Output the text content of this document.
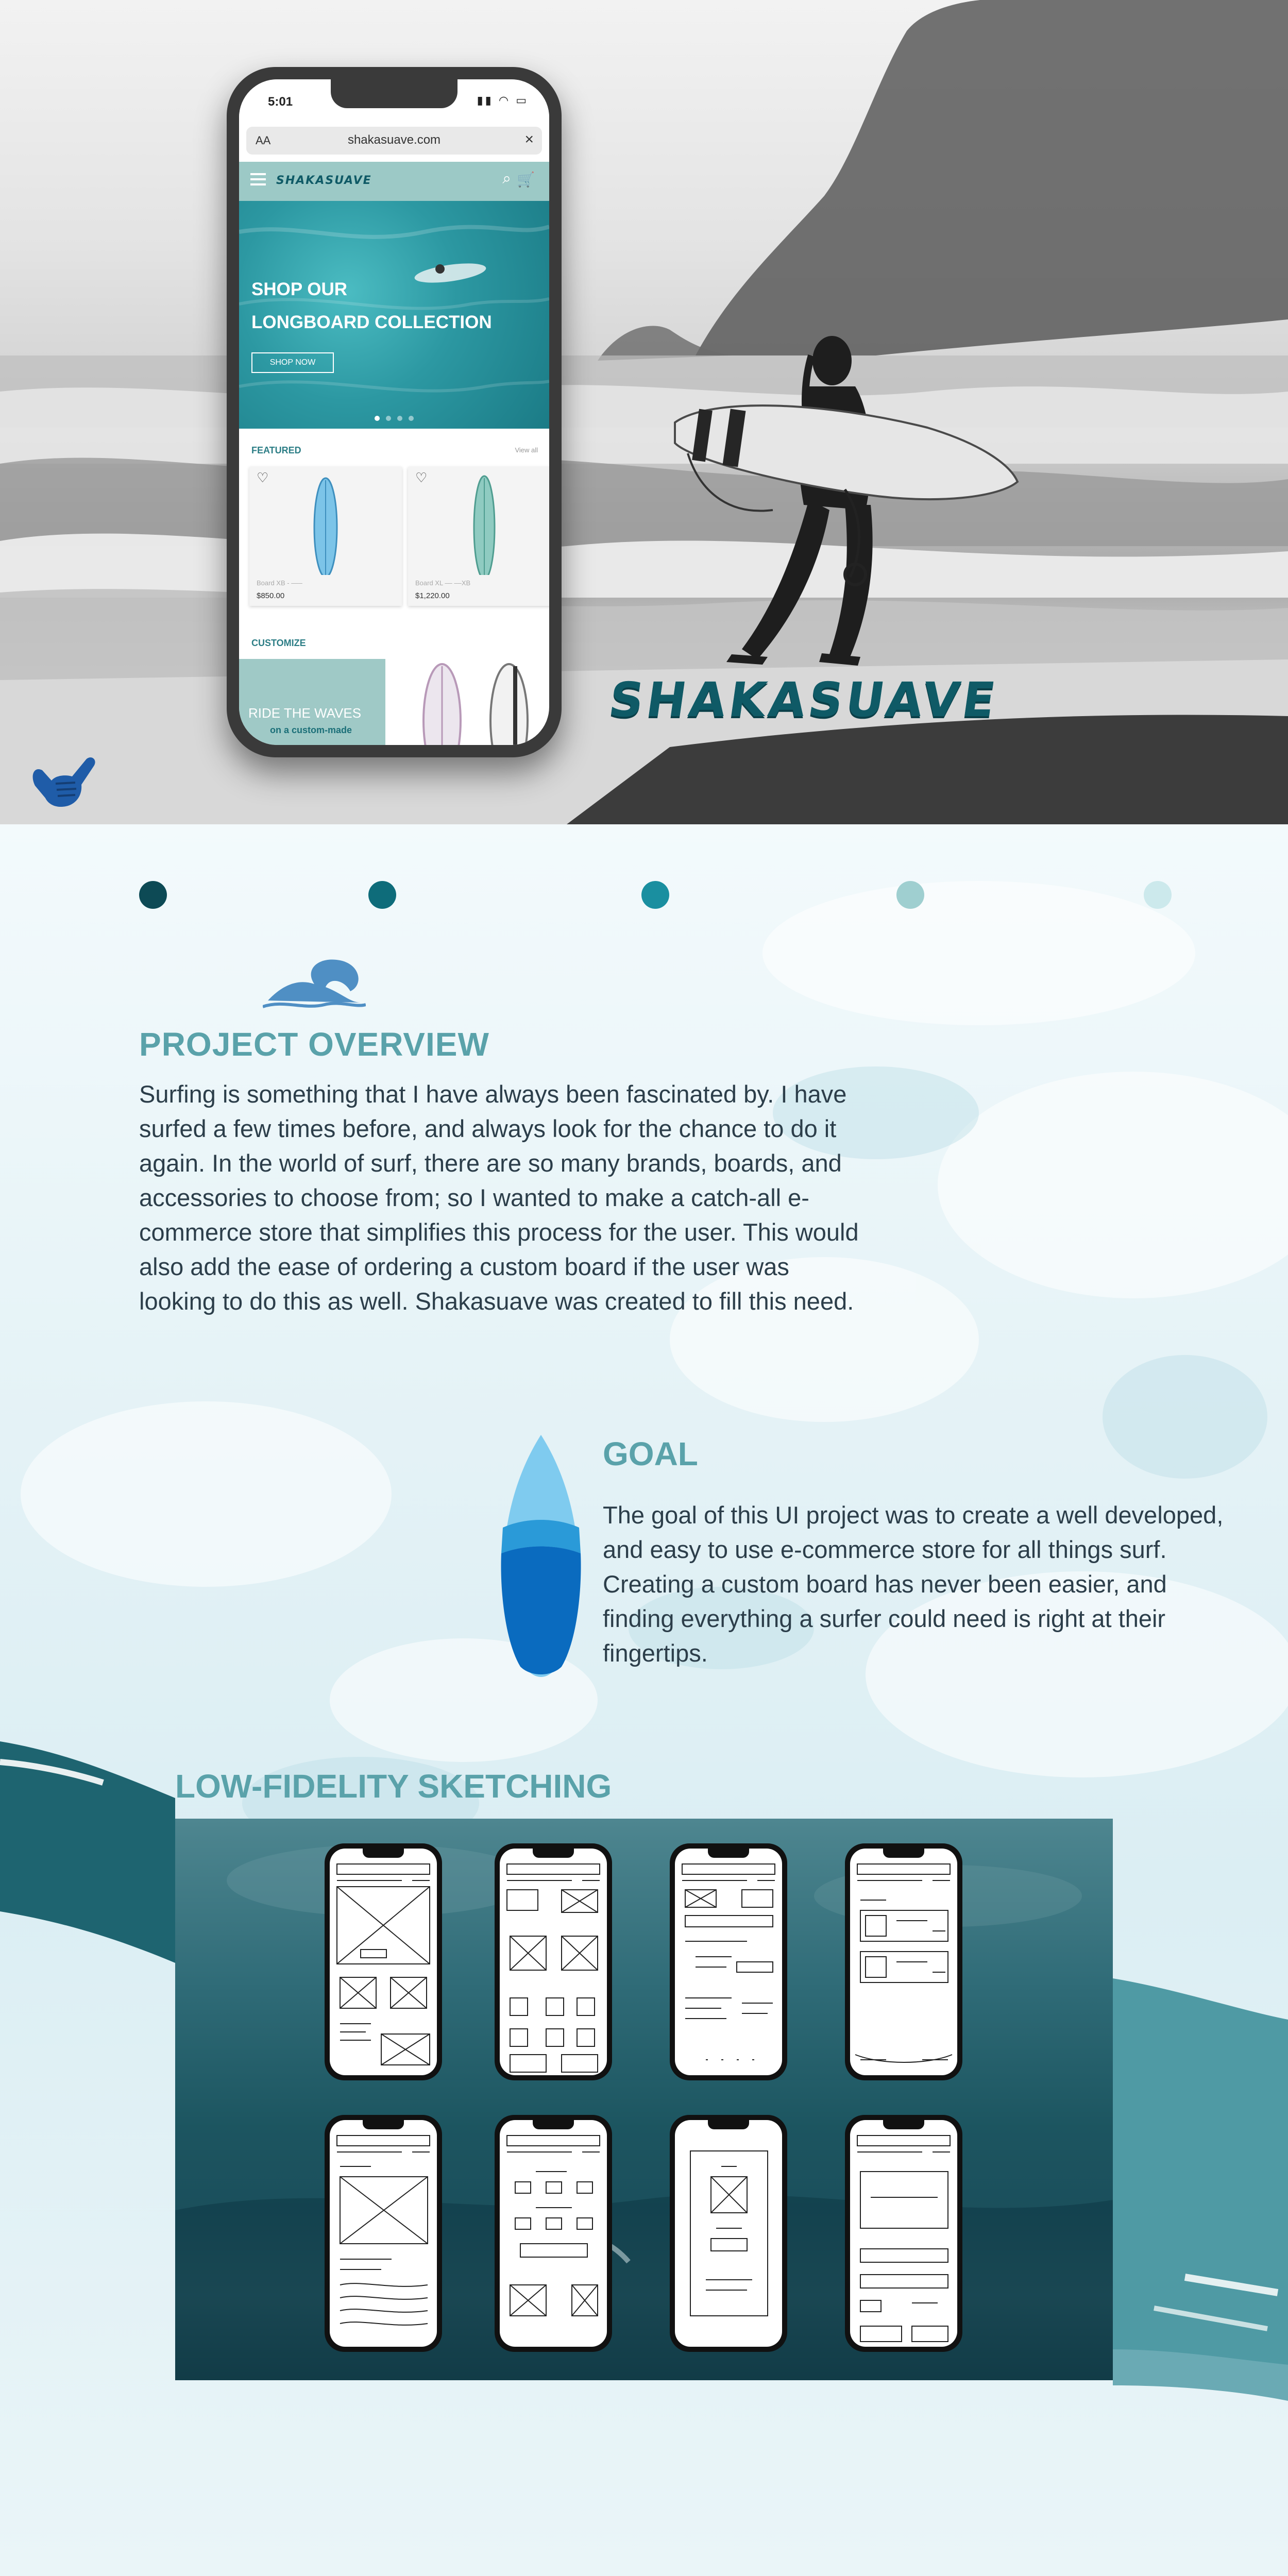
SHAKASUAVE
5:01	▮▮ ◠ ▭
AA	shakasuave.com	×
SHAKASUAVE	⌕ 🛒
SHOP OUR
LONGBOARD COLLECTION
SHOP NOW
FEATURED	View all
♡
Board XB - –––
$850.00
♡
Board XL –– ––XB
$1,220.00
CUSTOMIZE
RIDE THE WAVES
on a custom-made
PROJECT OVERVIEW

Surfing is something that I have always been fascinated by. I have surfed a few times before, and always look for the chance to do it again. In the world of surf, there are so many brands, boards, and accessories to choose from; so I wanted to make a catch-all e-commerce store that simplifies this process for the user. This would also add the ease of ordering a custom board if the user was looking to do this as well. Shakasuave was created to fill this need.

GOAL

The goal of this UI project was to create a well developed, and easy to use e-commerce store for all things surf. Creating a custom board has never been easier, and finding everything a surfer could need is right at their fingertips.

LOW-FIDELITY SKETCHING
